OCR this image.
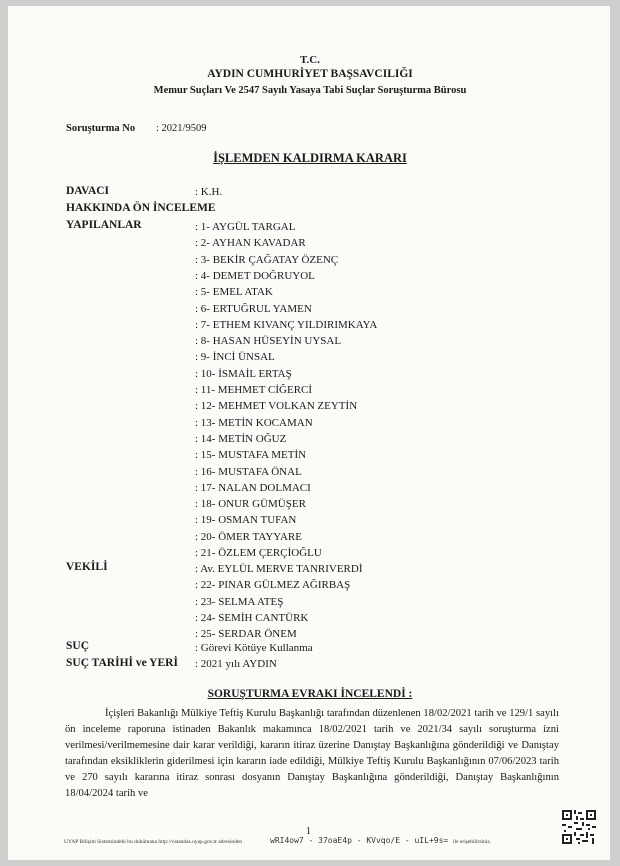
T.C.
AYDIN CUMHURİYET BAŞSAVCILIĞI
Memur Suçları Ve 2547 Sayılı Yasaya Tabi Suçlar Soruşturma Bürosu
Soruşturma No : 2021/9509
İŞLEMDEN KALDIRMA KARARI
DAVACI	: K.H.
HAKKINDA ÖN İNCELEME
YAPILANLAR	: 1- AYGÜL TARGAL
: 2- AYHAN KAVADAR
: 3- BEKİR ÇAĞATAY ÖZENÇ
: 4- DEMET DOĞRUYOL
: 5- EMEL ATAK
: 6- ERTUĞRUL YAMEN
: 7- ETHEM KIVANÇ YILDIRIMKAYA
: 8- HASAN HÜSEYİN UYSAL
: 9- İNCİ ÜNSAL
: 10- İSMAİL ERTAŞ
: 11- MEHMET CİĞERCİ
: 12- MEHMET VOLKAN ZEYTİN
: 13- METİN KOCAMAN
: 14- METİN OĞUZ
: 15- MUSTAFA METİN
: 16- MUSTAFA ÖNAL
: 17- NALAN DOLMACI
: 18- ONUR GÜMÜŞER
: 19- OSMAN TUFAN
: 20- ÖMER TAYYARE
: 21- ÖZLEM ÇERÇİOĞLU
VEKİLİ	: Av. EYLÜL MERVE TANRIVERDİ
: 22- PINAR GÜLMEZ AĞIRBAŞ
: 23- SELMA ATEŞ
: 24- SEMİH CANTÜRK
: 25- SERDAR ÖNEM
SUÇ	: Görevi Kötüye Kullanma
SUÇ TARİHİ ve YERİ : 2021 yılı AYDIN
SORUŞTURMA EVRAKI İNCELENDİ :
İçişleri Bakanlığı Mülkiye Teftiş Kurulu Başkanlığı tarafından düzenlenen 18/02/2021 tarih ve 129/1 sayılı ön inceleme raporuna istinaden Bakanlık makamınca 18/02/2021 tarih ve 2021/34 sayılı soruşturma izni verilmesi/verilmemesine dair karar verildiği, kararın itiraz üzerine Danıştay Başkanlığına gönderildiği ve Danıştay tarafından eksikliklerin giderilmesi için kararın iade edildiği, Mülkiye Teftiş Kurulu Başkanlığının 07/06/2023 tarih ve 270 sayılı kararına itiraz sonrası dosyanın Danıştay Başkanlığına gönderildiği, Danıştay Başkanlığının 18/04/2024 tarih ve
1
UYAP Bilişim Sistemindeki bu dokümana http://vatandas.uyap.gov.tr adresinden	wRI4ow7 - 37oaE4p - KVvqo/E - uIL+9s= ile erişebilirsiniz.
